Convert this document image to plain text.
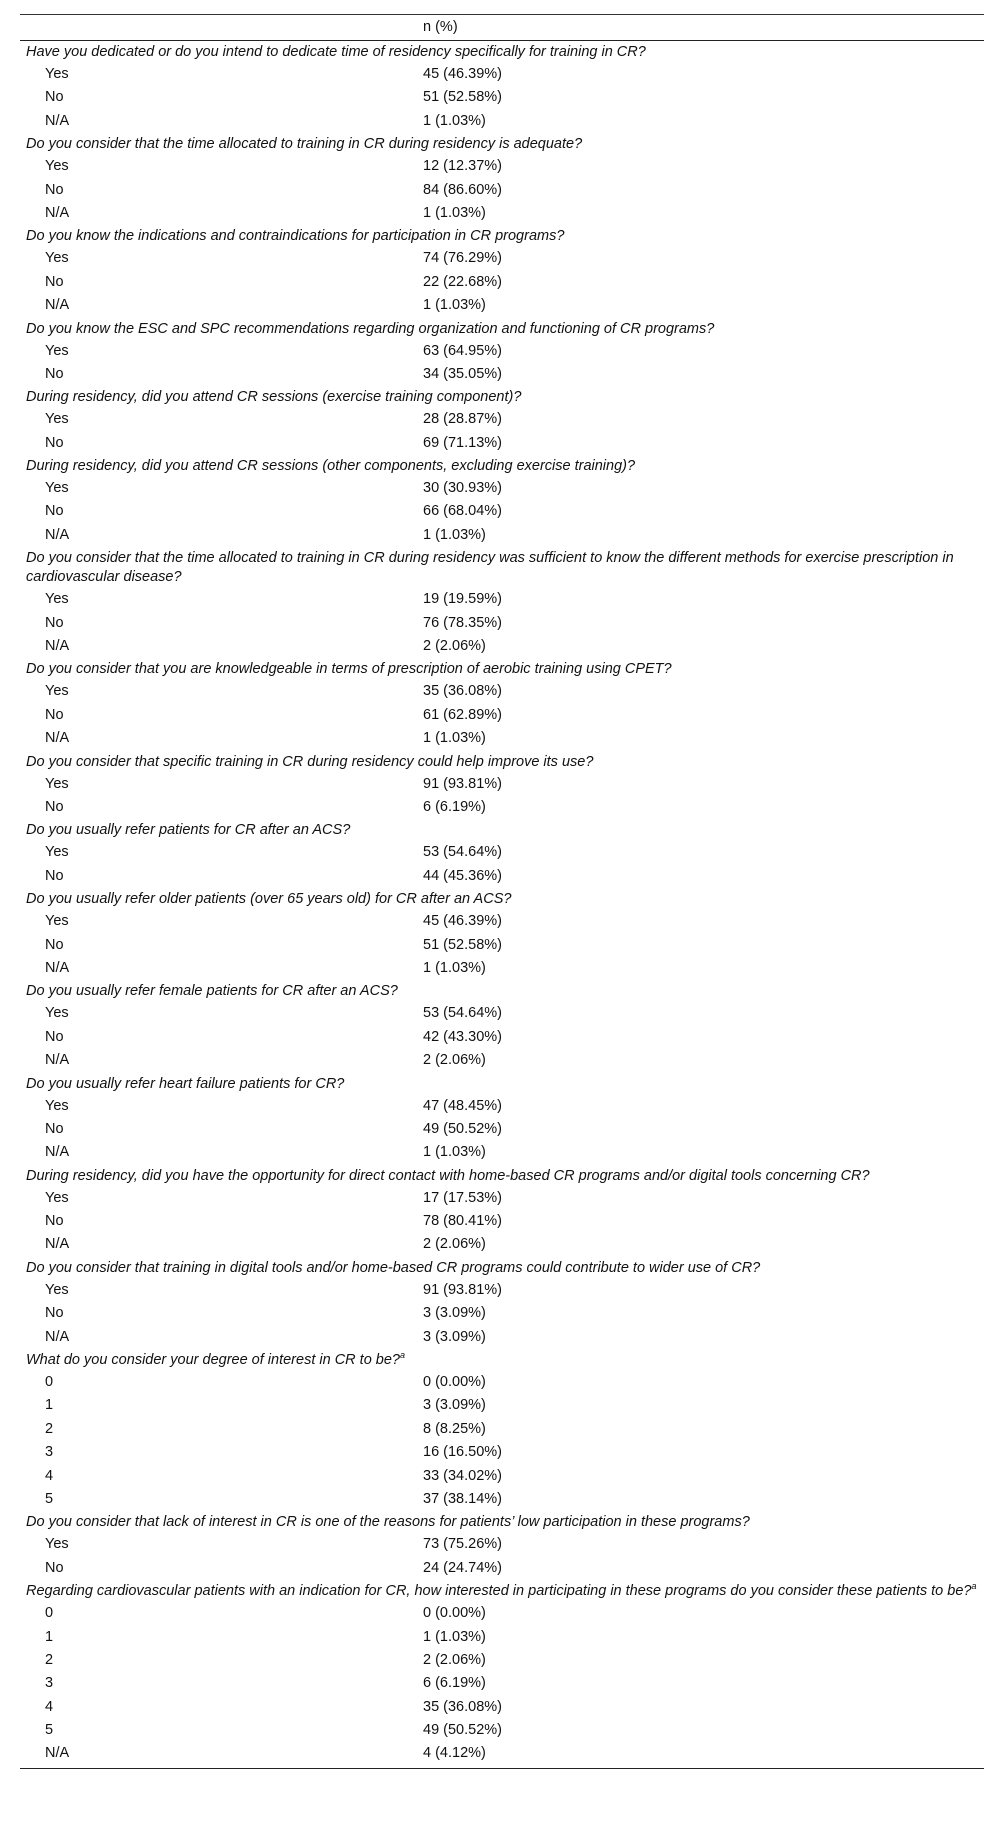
n (%)
Have you dedicated or do you intend to dedicate time of residency specifically for training in CR?
Yes	45 (46.39%)
No	51 (52.58%)
N/A	1 (1.03%)
Do you consider that the time allocated to training in CR during residency is adequate?
Yes	12 (12.37%)
No	84 (86.60%)
N/A	1 (1.03%)
Do you know the indications and contraindications for participation in CR programs?
Yes	74 (76.29%)
No	22 (22.68%)
N/A	1 (1.03%)
Do you know the ESC and SPC recommendations regarding organization and functioning of CR programs?
Yes	63 (64.95%)
No	34 (35.05%)
During residency, did you attend CR sessions (exercise training component)?
Yes	28 (28.87%)
No	69 (71.13%)
During residency, did you attend CR sessions (other components, excluding exercise training)?
Yes	30 (30.93%)
No	66 (68.04%)
N/A	1 (1.03%)
Do you consider that the time allocated to training in CR during residency was sufficient to know the different methods for exercise prescription in cardiovascular disease?
Yes	19 (19.59%)
No	76 (78.35%)
N/A	2 (2.06%)
Do you consider that you are knowledgeable in terms of prescription of aerobic training using CPET?
Yes	35 (36.08%)
No	61 (62.89%)
N/A	1 (1.03%)
Do you consider that specific training in CR during residency could help improve its use?
Yes	91 (93.81%)
No	6 (6.19%)
Do you usually refer patients for CR after an ACS?
Yes	53 (54.64%)
No	44 (45.36%)
Do you usually refer older patients (over 65 years old) for CR after an ACS?
Yes	45 (46.39%)
No	51 (52.58%)
N/A	1 (1.03%)
Do you usually refer female patients for CR after an ACS?
Yes	53 (54.64%)
No	42 (43.30%)
N/A	2 (2.06%)
Do you usually refer heart failure patients for CR?
Yes	47 (48.45%)
No	49 (50.52%)
N/A	1 (1.03%)
During residency, did you have the opportunity for direct contact with home-based CR programs and/or digital tools concerning CR?
Yes	17 (17.53%)
No	78 (80.41%)
N/A	2 (2.06%)
Do you consider that training in digital tools and/or home-based CR programs could contribute to wider use of CR?
Yes	91 (93.81%)
No	3 (3.09%)
N/A	3 (3.09%)
What do you consider your degree of interest in CR to be?$^a$
0	0 (0.00%)
1	3 (3.09%)
2	8 (8.25%)
3	16 (16.50%)
4	33 (34.02%)
5	37 (38.14%)
Do you consider that lack of interest in CR is one of the reasons for patients’ low participation in these programs?
Yes	73 (75.26%)
No	24 (24.74%)
Regarding cardiovascular patients with an indication for CR, how interested in participating in these programs do you consider these patients to be?$^a$
0	0 (0.00%)
1	1 (1.03%)
2	2 (2.06%)
3	6 (6.19%)
4	35 (36.08%)
5	49 (50.52%)
N/A	4 (4.12%)
